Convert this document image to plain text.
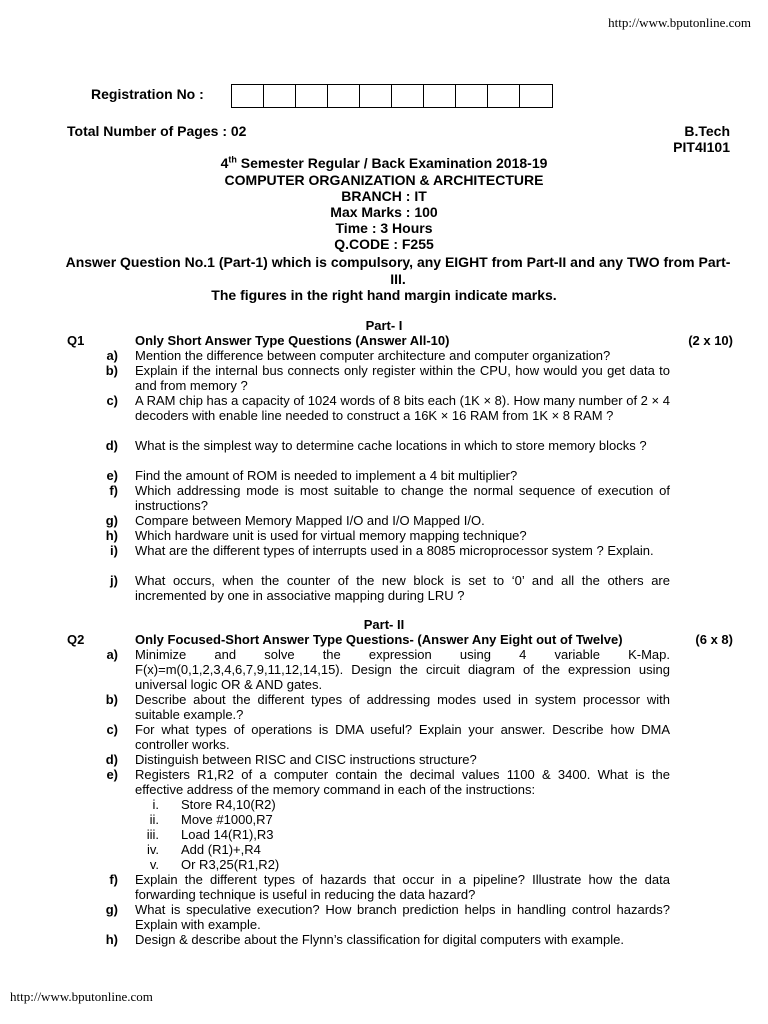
http://www.bputonline.com
Registration No :
Total Number of Pages : 02	B.Tech
PIT4I101
4th Semester Regular / Back Examination 2018-19
COMPUTER ORGANIZATION & ARCHITECTURE
BRANCH : IT
Max Marks : 100
Time : 3 Hours
Q.CODE : F255
Answer Question No.1 (Part-1) which is compulsory, any EIGHT from Part-II and any TWO from Part-III.
The figures in the right hand margin indicate marks.
Part- I
Q1	Only Short Answer Type Questions (Answer All-10)	(2 x 10)
a) Mention the difference between computer architecture and computer organization?
b) Explain if the internal bus connects only register within the CPU, how would you get data to and from memory ?
c) A RAM chip has a capacity of 1024 words of 8 bits each (1K × 8). How many number of 2 × 4 decoders with enable line needed to construct a 16K × 16 RAM from 1K × 8 RAM ?
d) What is the simplest way to determine cache locations in which to store memory blocks ?
e) Find the amount of ROM is needed to implement a 4 bit multiplier?
f) Which addressing mode is most suitable to change the normal sequence of execution of instructions?
g) Compare between Memory Mapped I/O and I/O Mapped I/O.
h) Which hardware unit is used for virtual memory mapping technique?
i) What are the different types of interrupts used in a 8085 microprocessor system ? Explain.
j) What occurs, when the counter of the new block is set to ‘0’ and all the others are incremented by one in associative mapping during LRU ?
Part- II
Q2	Only Focused-Short Answer Type Questions- (Answer Any Eight out of Twelve)	(6 x 8)
a) Minimize and solve the expression using 4 variable K-Map. F(x)=m(0,1,2,3,4,6,7,9,11,12,14,15). Design the circuit diagram of the expression using universal logic OR & AND gates.
b) Describe about the different types of addressing modes used in system processor with suitable example.?
c) For what types of operations is DMA useful? Explain your answer. Describe how DMA controller works.
d) Distinguish between RISC and CISC instructions structure?
e) Registers R1,R2 of a computer contain the decimal values 1100 & 3400. What is the effective address of the memory command in each of the instructions:
i. Store R4,10(R2)
ii. Move #1000,R7
iii. Load 14(R1),R3
iv. Add (R1)+,R4
v. Or R3,25(R1,R2)
f) Explain the different types of hazards that occur in a pipeline? Illustrate how the data forwarding technique is useful in reducing the data hazard?
g) What is speculative execution? How branch prediction helps in handling control hazards? Explain with example.
h) Design & describe about the Flynn’s classification for digital computers with example.
http://www.bputonline.com
